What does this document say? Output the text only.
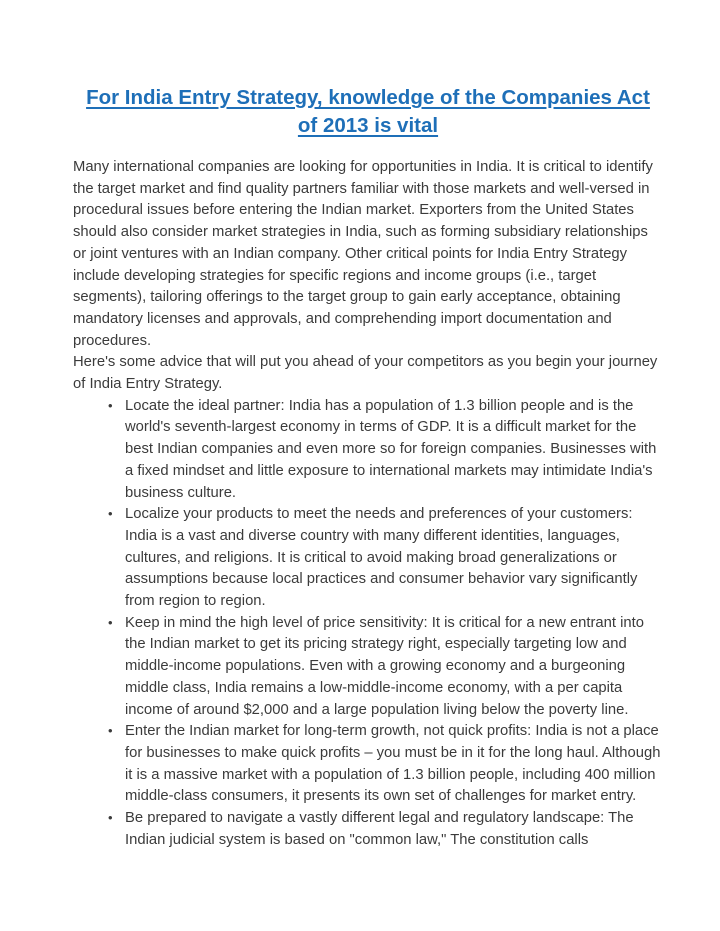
For India Entry Strategy, knowledge of the Companies Act of 2013 is vital

Many international companies are looking for opportunities in India. It is critical to identify the target market and find quality partners familiar with those markets and well-versed in procedural issues before entering the Indian market. Exporters from the United States should also consider market strategies in India, such as forming subsidiary relationships or joint ventures with an Indian company. Other critical points for India Entry Strategy include developing strategies for specific regions and income groups (i.e., target segments), tailoring offerings to the target group to gain early acceptance, obtaining mandatory licenses and approvals, and comprehending import documentation and procedures.

Here's some advice that will put you ahead of your competitors as you begin your journey of India Entry Strategy.

• Locate the ideal partner: India has a population of 1.3 billion people and is the world's seventh-largest economy in terms of GDP. It is a difficult market for the best Indian companies and even more so for foreign companies. Businesses with a fixed mindset and little exposure to international markets may intimidate India's business culture.
• Localize your products to meet the needs and preferences of your customers: India is a vast and diverse country with many different identities, languages, cultures, and religions. It is critical to avoid making broad generalizations or assumptions because local practices and consumer behavior vary significantly from region to region.
• Keep in mind the high level of price sensitivity: It is critical for a new entrant into the Indian market to get its pricing strategy right, especially targeting low and middle-income populations. Even with a growing economy and a burgeoning middle class, India remains a low-middle-income economy, with a per capita income of around $2,000 and a large population living below the poverty line.
• Enter the Indian market for long-term growth, not quick profits: India is not a place for businesses to make quick profits – you must be in it for the long haul. Although it is a massive market with a population of 1.3 billion people, including 400 million middle-class consumers, it presents its own set of challenges for market entry.
• Be prepared to navigate a vastly different legal and regulatory landscape: The Indian judicial system is based on "common law," The constitution calls
